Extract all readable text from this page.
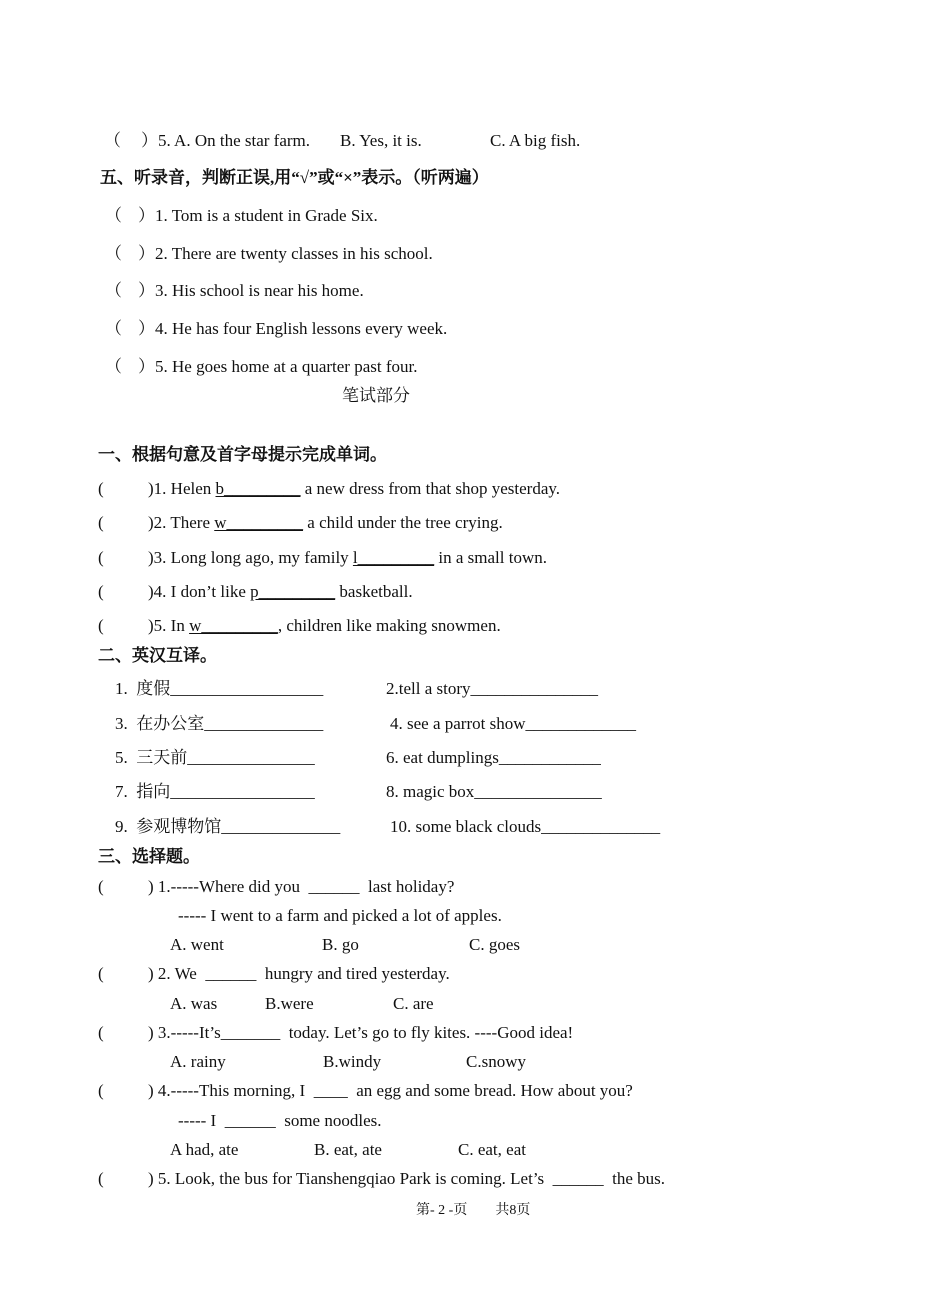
（ ）5. A. On the star farm. B. Yes, it is.	C. A big fish.
五、听录音，判断正误,用“√”或“×”表示。（听两遍）
（ ）1. Tom is a student in Grade Six.
（ ）2. There are twenty classes in his school.
（ ）3. His school is near his home.
（ ）4. He has four English lessons every week.
（ ）5. He goes home at a quarter past four.
笔试部分
一、根据句意及首字母提示完成单词。
(	)1. Helen b_________ a new dress from that shop yesterday.
(	)2. There w_________ a child under the tree crying.
(	)3. Long long ago, my family l_________ in a small town.
(	)4. I don’t like p_________ basketball.
(	)5. In w_________, children like making snowmen.
二、英汉互译。
1.  度假__________________	2.tell a story_______________
3.  在办公室______________	4. see a parrot show_____________
5.  三天前_______________	6. eat dumplings____________
7.  指向_________________	8. magic box_______________
9.  参观博物馆______________	10. some black clouds______________
三、选择题。
(	) 1.-----Where did you  ______  last holiday?
----- I went to a farm and picked a lot of apples.
A. went	B. go	C. goes
(	) 2. We  ______  hungry and tired yesterday.
A. was	B.were	C. are
(	) 3.-----It’s_______  today. Let’s go to fly kites. ----Good idea!
A. rainy	B.windy	C.snowy
(	) 4.-----This morning, I  ____  an egg and some bread. How about you?
----- I  ______  some noodles.
A had, ate	B. eat, ate	C. eat, eat
(	) 5. Look, the bus for Tianshengqiao Park is coming. Let’s  ______  the bus.
第- 2 -页　　共8页
